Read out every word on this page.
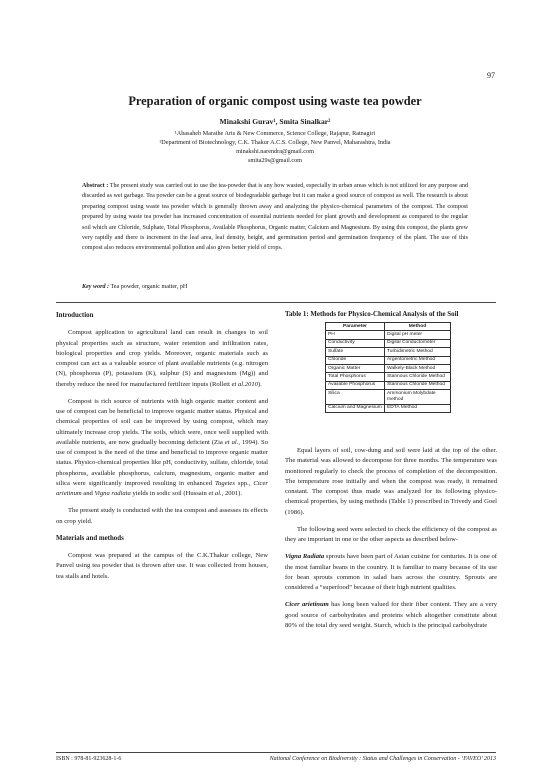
97
Preparation of organic compost using waste tea powder
Minakshi Gurav¹, Smita Sinalkar²
¹Abasaheb Marathe Arts & New Commerce, Science College, Rajapur, Ratnagiri
²Department of Biotechnology, C.K. Thakur A.C.S. College, New Panvel, Maharashtra, India
minakshi.narendra@gmail.com
smita29s@gmail.com
Abstract : The present study was carried out to use the tea-powder that is any how wasted, especially in urban areas which is not utilized for any purpose and discarded as wet garbage. Tea powder can be a great source of biodegradable garbage but it can make a good source of compost as well. The research is about preparing compost using waste tea powder which is generally thrown away and analyzing the physico-chemical parameters of the compost. The compost prepared by using waste tea powder has increased concentration of essential nutrients needed for plant growth and development as compared to the regular soil which are Chloride, Sulphate, Total Phosphorus, Available Phosphorus, Organic matter, Calcium and Magnesium. By using this compost, the plants grew very rapidly and there is increment in the leaf area, leaf density, height, and germination period and germination frequency of the plant. The use of this compost also reduces environmental pollution and also gives better yield of crops.
Key word : Tea powder, organic matter, pH
Introduction

Compost application to agricultural land can result in changes in soil physical properties such as structure, water retention and infiltration rates, biological properties and crop yields. Moreover, organic materials such as compost can act as a valuable source of plant available nutrients (e.g. nitrogen (N), phosphorus (P), potassium (K), sulphur (S) and magnesium (Mg)) and thereby reduce the need for manufactured fertilizer inputs (Rollett et al.2010).

Compost is rich source of nutrients with high organic matter content and use of compost can be beneficial to improve organic matter status. Physical and chemical properties of soil can be improved by using compost, which may ultimately increase crop yields. The soils, which were, once well supplied with available nutrients, are now gradually becoming deficient (Zia et al., 1994). So use of compost is the need of the time and beneficial to improve organic matter status. Physico-chemical properties like pH, conductivity, sulfate, chloride, total phosphorus, available phosphorus, calcium, magnesium, organic matter and silica were significantly improved resulting in enhanced Tagetes spp., Cicer arietinum and Vigna radiata yields in sodic soil (Hussain et al., 2001).

The present study is conducted with the tea compost and assesses its effects on crop yield.

Materials and methods

Compost was prepared at the campus of the C.K.Thakur college, New Panvel using tea powder that is thrown after use. It was collected from houses, tea stalls and hotels.

Table 1: Methods for Physico-Chemical Analysis of the Soil
Parameter	Method
PH	Digital pH meter
Conductivity	Digital Conductometer
Sulfate	Turbidimetric Method
Chloride	Argentometric Method
Organic Matter	Walkely-Black Method
Total Phosphorus	Stannous Chloride Method
Available Phosphorus	Stannous Chloride Method
Silica	Ammonium Molybdate method
Calcium and Magnesium	EDTA Method

Equal layers of soil, cow-dung and soil were laid at the top of the other. The material was allowed to decompose for three months. The temperature was monitored regularly to check the process of completion of the decomposition. The temperature rose initially and when the compost was ready, it remained constant. The compost thus made was analyzed for its following physico-chemical properties, by using methods (Table 1) prescribed in Trivedy and Goel (1986).

The following seed were selected to check the efficiency of the compost as they are important in one or the other aspects as described below-

Vigna Radiata sprouts have been part of Asian cuisine for centuries. It is one of the most familiar beans in the country. It is familiar to many because of its use for bean sprouts common in salad bars across the country. Sprouts are considered a “superfood” because of their high nutrient qualities.

Cicer arietinum has long been valued for their fiber content. They are a very good source of carbohydrates and proteins which altogether constitute about 80% of the total dry seed weight. Starch, which is the principal carbohydrate

ISBN : 978-81-923628-1-6	National Conference on Biodiversity : Status and Challenges in Conservation - ‘FAVEO’ 2013
